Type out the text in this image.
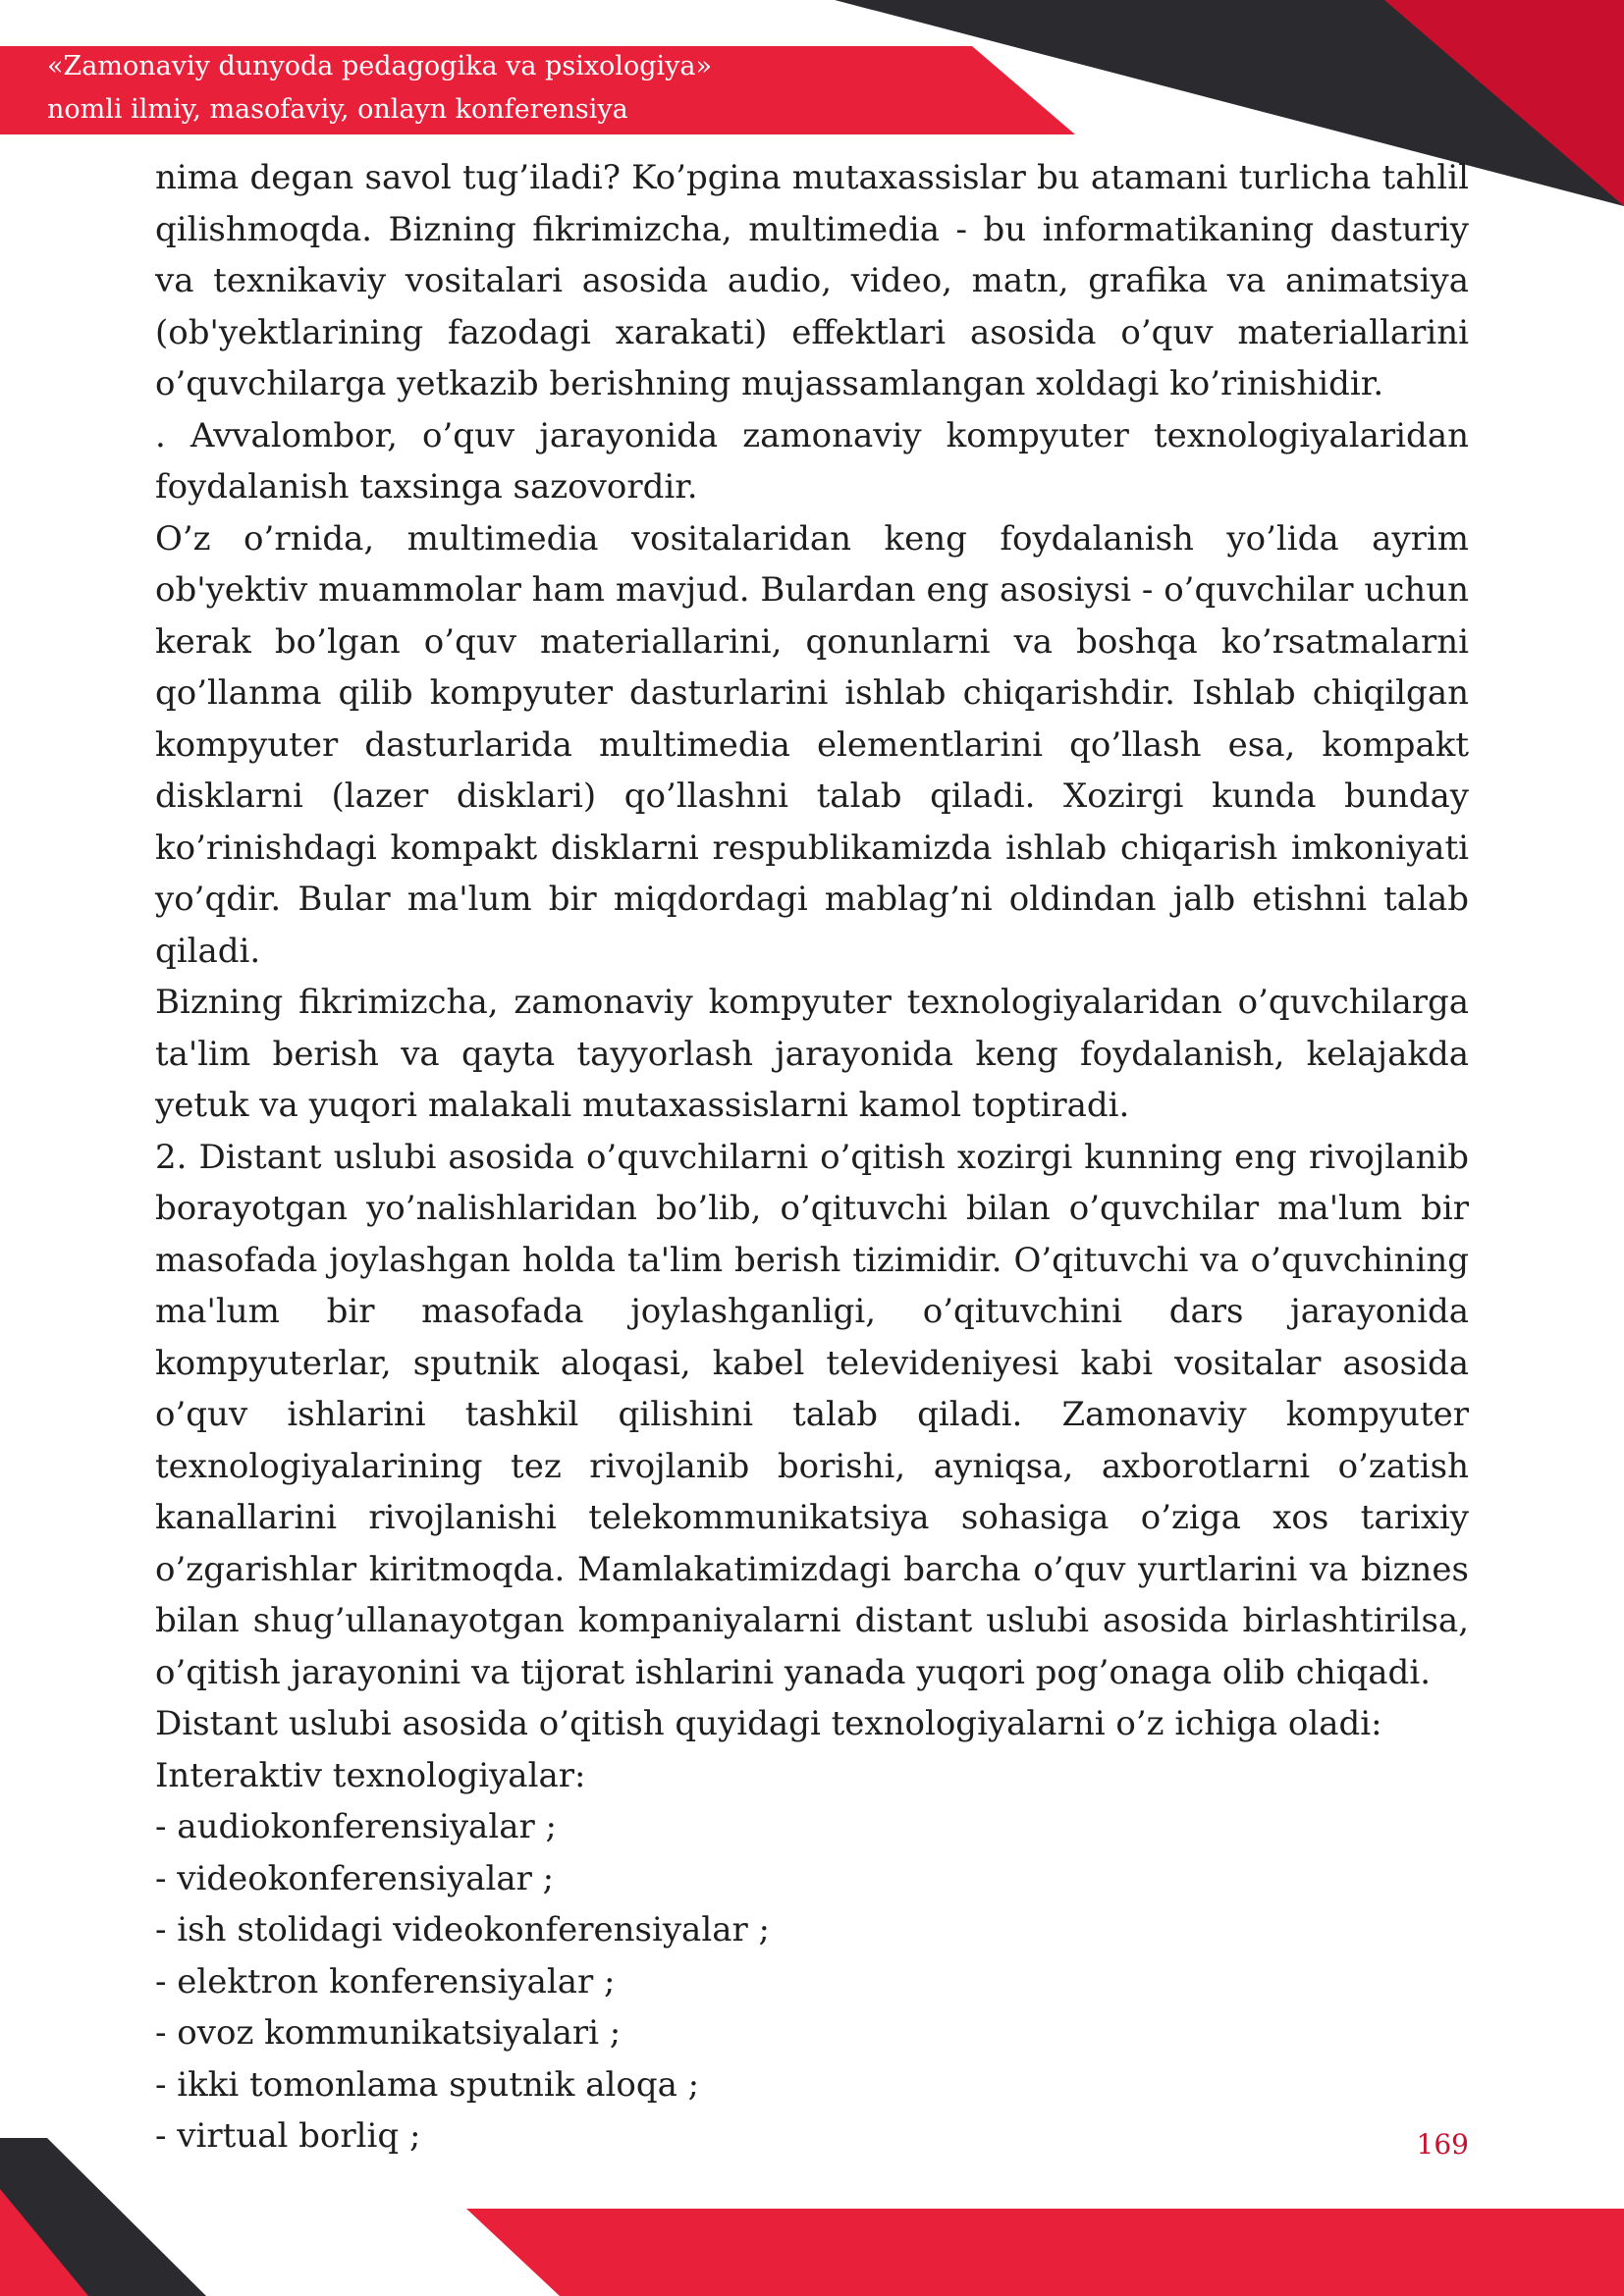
«Zamonaviy dunyoda pedagogika va psixologiya»
nomli ilmiy, masofaviy, onlayn konferensiya

nima degan savol tug’iladi? Ko’pgina mutaxassislar bu atamani turlicha tahlil qilishmoqda. Bizning fikrimizcha, multimedia - bu informatikaning dasturiy va texnikaviy vositalari asosida audio, video, matn, grafika va animatsiya (ob'yektlarining fazodagi xarakati) effektlari asosida o’quv materiallarini o’quvchilarga yetkazib berishning mujassamlangan xoldagi ko’rinishidir.

. Avvalombor, o’quv jarayonida zamonaviy kompyuter texnologiyalaridan foydalanish taxsinga sazovordir.

O’z o’rnida, multimedia vositalaridan keng foydalanish yo’lida ayrim ob'yektiv muammolar ham mavjud. Bulardan eng asosiysi - o’quvchilar uchun kerak bo’lgan o’quv materiallarini, qonunlarni va boshqa ko’rsatmalarni qo’llanma qilib kompyuter dasturlarini ishlab chiqarishdir. Ishlab chiqilgan kompyuter dasturlarida multimedia elementlarini qo’llash esa, kompakt disklarni (lazer disklari) qo’llashni talab qiladi. Xozirgi kunda bunday ko’rinishdagi kompakt disklarni respublikamizda ishlab chiqarish imkoniyati yo’qdir. Bular ma'lum bir miqdordagi mablag’ni oldindan jalb etishni talab qiladi.

Bizning fikrimizcha, zamonaviy kompyuter texnologiyalaridan o’quvchilarga ta'lim berish va qayta tayyorlash jarayonida keng foydalanish, kelajakda yetuk va yuqori malakali mutaxassislarni kamol toptiradi.

2. Distant uslubi asosida o’quvchilarni o’qitish xozirgi kunning eng rivojlanib borayotgan yo’nalishlaridan bo’lib, o’qituvchi bilan o’quvchilar ma'lum bir masofada joylashgan holda ta'lim berish tizimidir. O’qituvchi va o’quvchining ma'lum bir masofada joylashganligi, o’qituvchini dars jarayonida kompyuterlar, sputnik aloqasi, kabel televideniyesi kabi vositalar asosida o’quv ishlarini tashkil qilishini talab qiladi. Zamonaviy kompyuter texnologiyalarining tez rivojlanib borishi, ayniqsa, axborotlarni o’zatish kanallarini rivojlanishi telekommunikatsiya sohasiga o’ziga xos tarixiy o’zgarishlar kiritmoqda. Mamlakatimizdagi barcha o’quv yurtlarini va biznes bilan shug’ullanayotgan kompaniyalarni distant uslubi asosida birlashtirilsa, o’qitish jarayonini va tijorat ishlarini yanada yuqori pog’onaga olib chiqadi.

Distant uslubi asosida o’qitish quyidagi texnologiyalarni o’z ichiga oladi:

Interaktiv texnologiyalar:

- audiokonferensiyalar ;

- videokonferensiyalar ;

- ish stolidagi videokonferensiyalar ;

- elektron konferensiyalar ;

- ovoz kommunikatsiyalari ;

- ikki tomonlama sputnik aloqa ;

- virtual borliq ;	169
